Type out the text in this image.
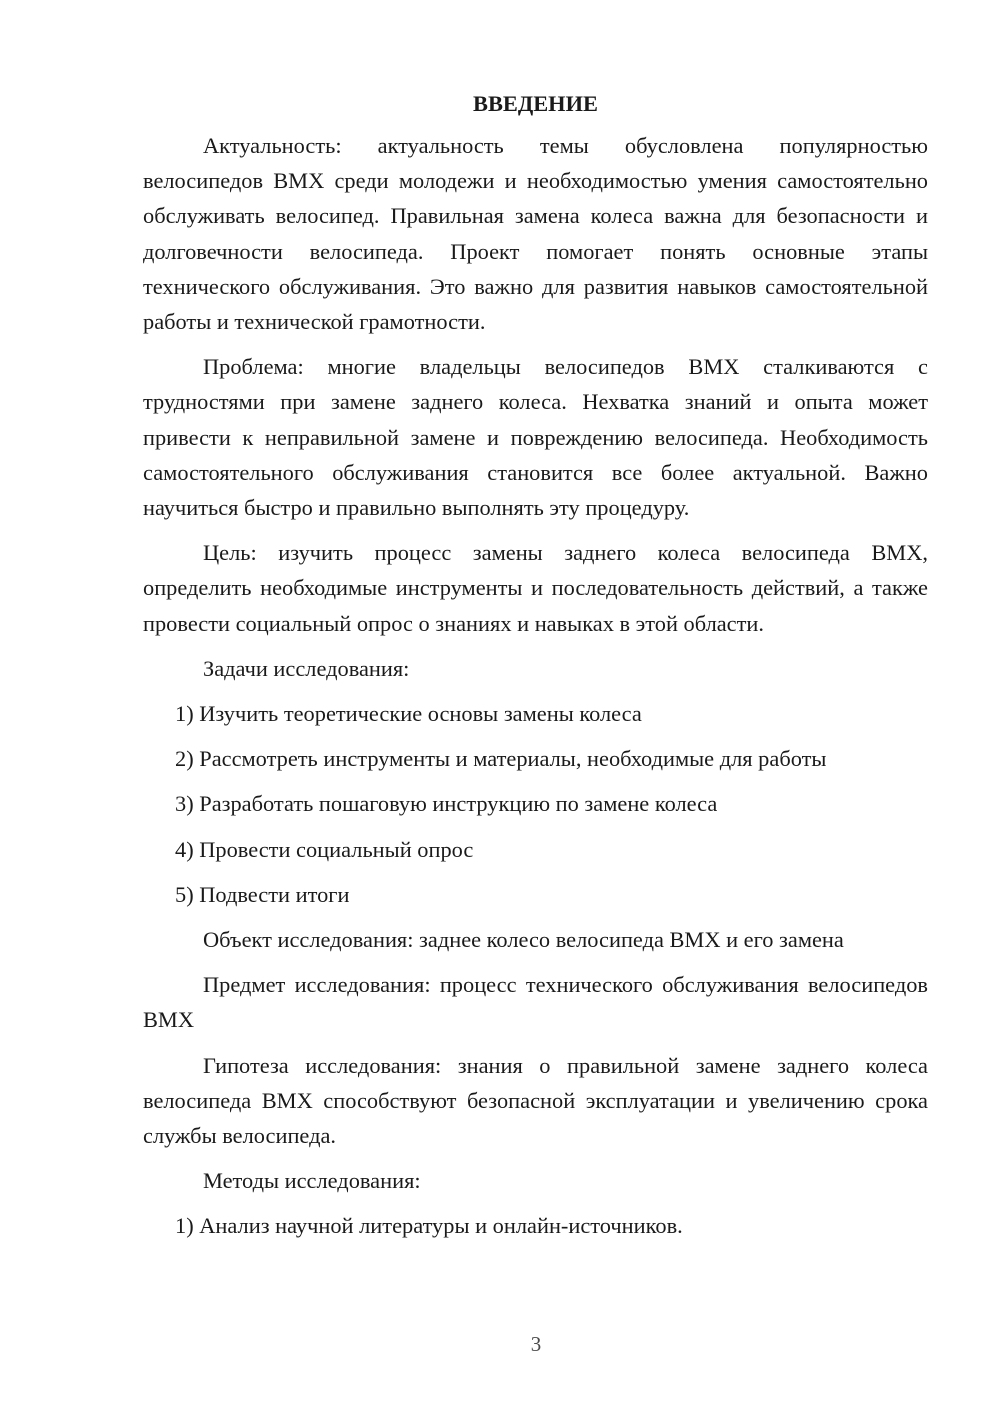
ВВЕДЕНИЕ

Актуальность: актуальность темы обусловлена популярностью велосипедов BMX среди молодежи и необходимостью умения самостоятельно обслуживать велосипед. Правильная замена колеса важна для безопасности и долговечности велосипеда. Проект помогает понять основные этапы технического обслуживания. Это важно для развития навыков самостоятельной работы и технической грамотности.

Проблема: многие владельцы велосипедов BMX сталкиваются с трудностями при замене заднего колеса. Нехватка знаний и опыта может привести к неправильной замене и повреждению велосипеда. Необходимость самостоятельного обслуживания становится все более актуальной. Важно научиться быстро и правильно выполнять эту процедуру.

Цель: изучить процесс замены заднего колеса велосипеда BMX, определить необходимые инструменты и последовательность действий, а также провести социальный опрос о знаниях и навыках в этой области.

Задачи исследования:

1) Изучить теоретические основы замены колеса

2) Рассмотреть инструменты и материалы, необходимые для работы

3) Разработать пошаговую инструкцию по замене колеса

4) Провести социальный опрос

5) Подвести итоги

Объект исследования: заднее колесо велосипеда BMX и его замена

Предмет исследования: процесс технического обслуживания велосипедов BMX

Гипотеза исследования: знания о правильной замене заднего колеса велосипеда BMX способствуют безопасной эксплуатации и увеличению срока службы велосипеда.

Методы исследования:

1) Анализ научной литературы и онлайн-источников.

3
